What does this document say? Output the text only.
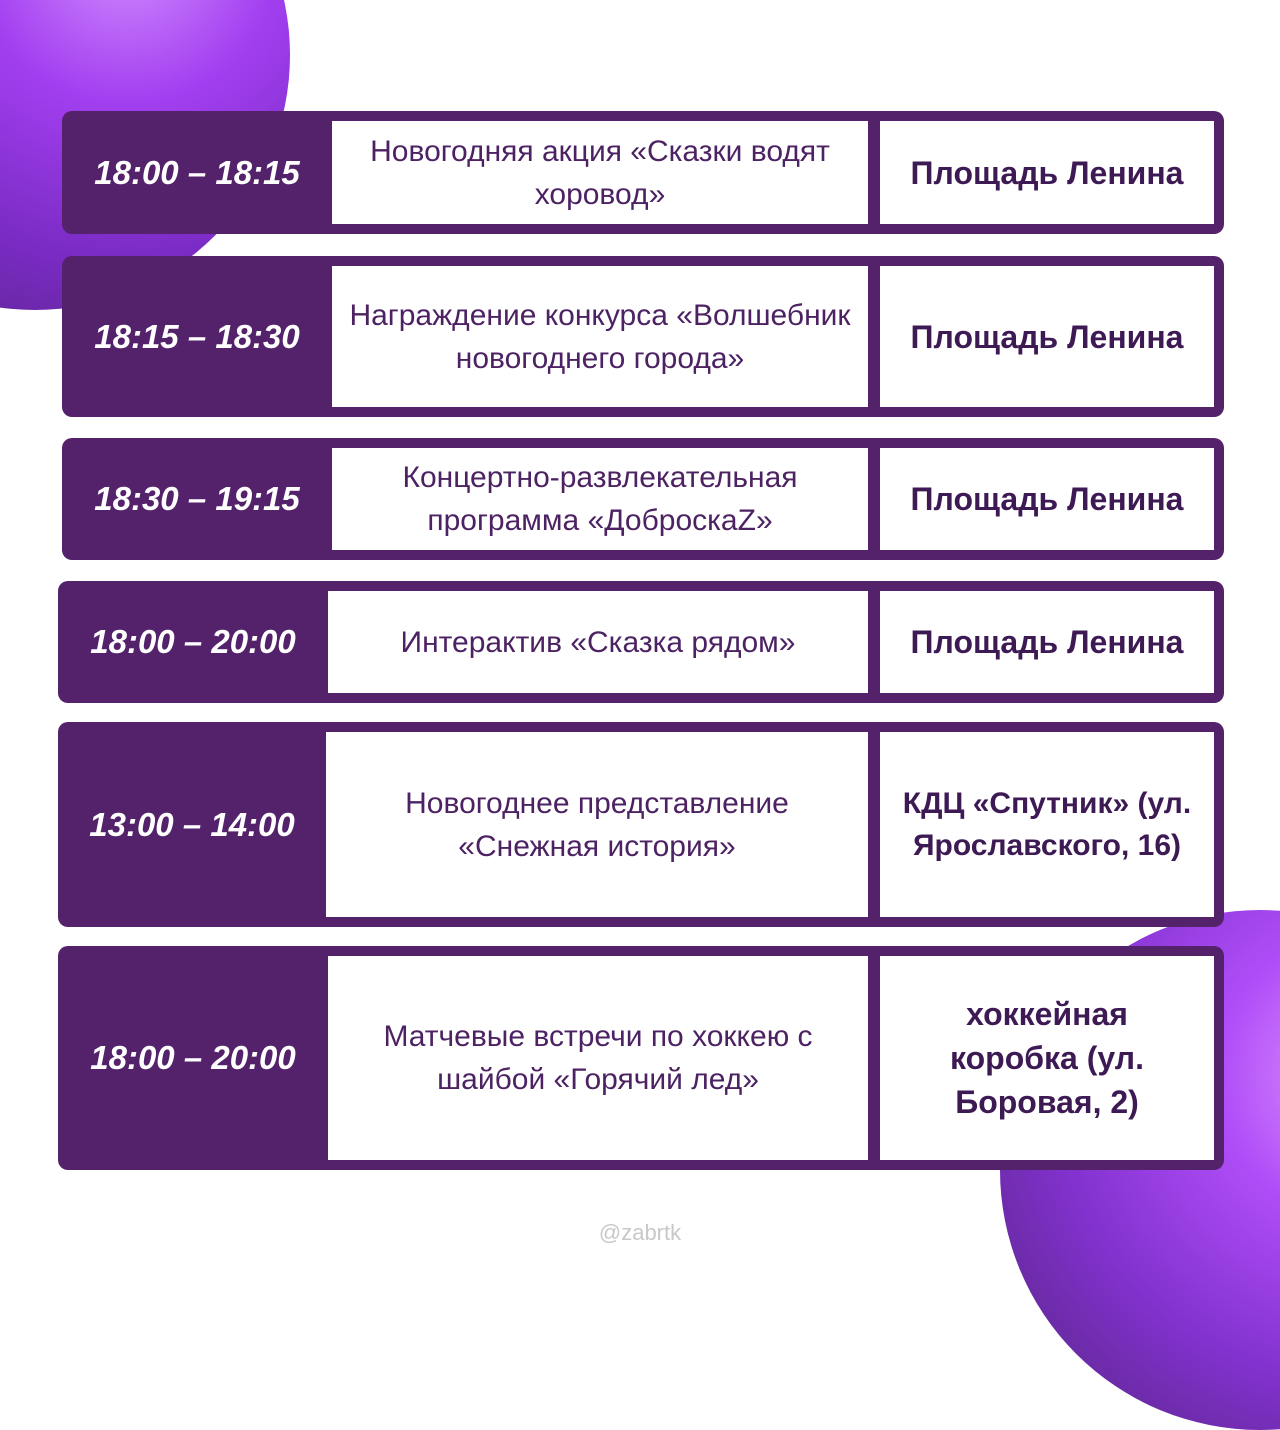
18:00 – 18:15
Новогодняя акция «Сказки водят хоровод»
Площадь Ленина
18:15 – 18:30
Награждение конкурса «Волшебник новогоднего города»
Площадь Ленина
18:30 – 19:15
Концертно-развлекательная программа «ДоброскаZ»
Площадь Ленина
18:00 – 20:00	Интерактив «Сказка рядом»	Площадь Ленина
13:00 – 14:00
Новогоднее представление «Снежная история»
КДЦ «Спутник» (ул. Ярославского, 16)
18:00 – 20:00
Матчевые встречи по хоккею с шайбой «Горячий лед»
хоккейная коробка (ул. Боровая, 2)
@zabrtk
